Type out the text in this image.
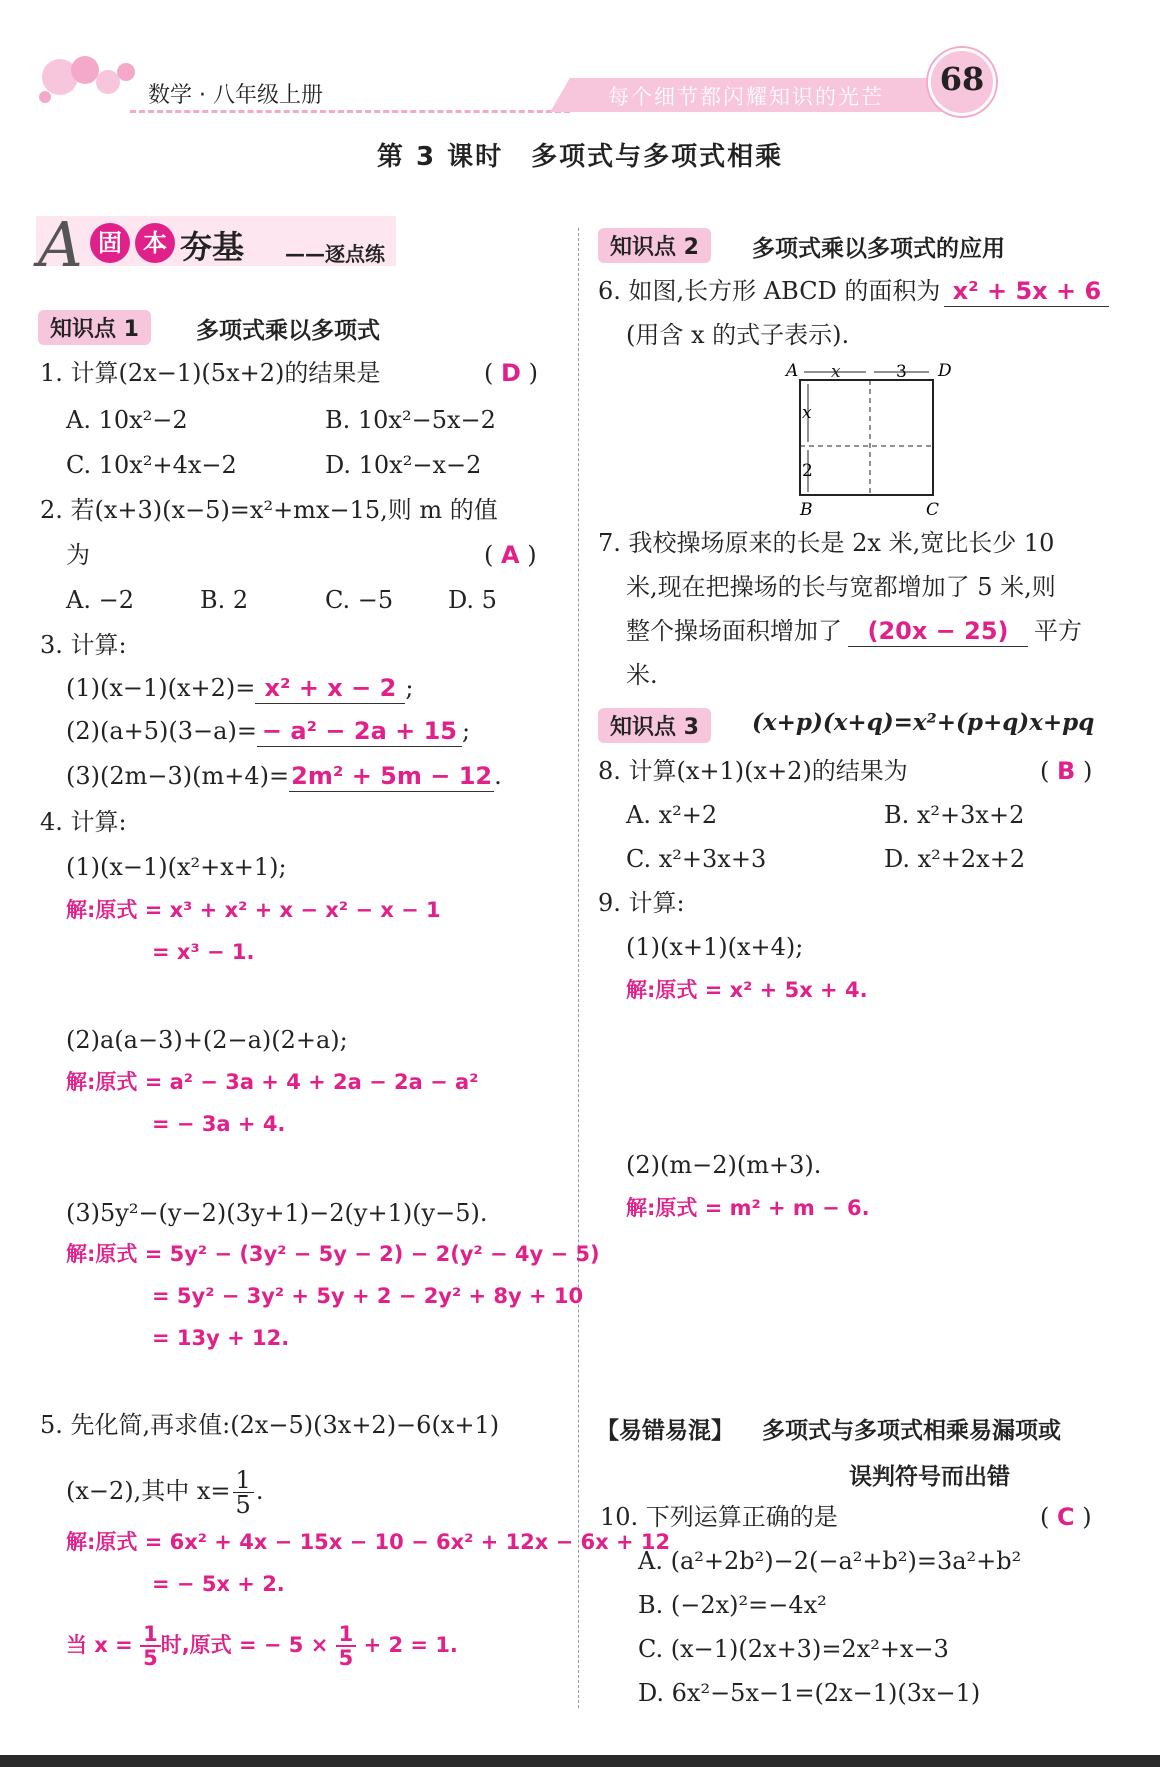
数学 · 八年级上册	每个细节都闪耀知识的光芒	68
第 3 课时　多项式与多项式相乘
A 固 本 夯基 ——逐点练
知识点 1	多项式乘以多项式
1. 计算(2x−1)(5x+2)的结果是	( D )
A. 10x²−2	B. 10x²−5x−2
C. 10x²+4x−2	D. 10x²−x−2
2. 若(x+3)(x−5)=x²+mx−15,则 m 的值
为	( A )
A. −2	B. 2	C. −5 D. 5
3. 计算:
(1)(x−1)(x+2)= x² + x − 2 ;
(2)(a+5)(3−a)= − a² − 2a + 15 ;
(3)(2m−3)(m+4)=2m² + 5m − 12.
4. 计算:
(1)(x−1)(x²+x+1);
解:原式 = x³ + x² + x − x² − x − 1
= x³ − 1.
(2)a(a−3)+(2−a)(2+a);
解:原式 = a² − 3a + 4 + 2a − 2a − a²
= − 3a + 4.
(3)5y²−(y−2)(3y+1)−2(y+1)(y−5).
解:原式 = 5y² − (3y² − 5y − 2) − 2(y² − 4y − 5)
= 5y² − 3y² + 5y + 2 − 2y² + 8y + 10
= 13y + 12.
5. 先化简,再求值:(2x−5)(3x+2)−6(x+1)
(x−2),其中 $x= \frac{1}{5}$ .
解:原式 = 6x² + 4x − 15x − 10 − 6x² + 12x − 6x + 12
= − 5x + 2.
当 $x = \frac{1}{5}$ 时,原式 = − $5 \times \frac{1}{5} + 2 = 1$.
知识点 2	多项式乘以多项式的应用
6. 如图,长方形 ABCD 的面积为 x² + 5x + 6
(用含 x 的式子表示).
A	D
B	C
x	3
x
2
7. 我校操场原来的长是 2x 米,宽比长少 10
米,现在把操场的长与宽都增加了 5 米,则
整个操场面积增加了 (20x − 25) 平方
米.
知识点 3	(x+p)(x+q)=x²+(p+q)x+pq
8. 计算(x+1)(x+2)的结果为	( B )
A. x²+2	B. x²+3x+2
C. x²+3x+3	D. x²+2x+2
9. 计算:
(1)(x+1)(x+4);
解:原式 = x² + 5x + 4.
(2)(m−2)(m+3).
解:原式 = m² + m − 6.
【易错易混】 多项式与多项式相乘易漏项或
误判符号而出错
10. 下列运算正确的是	( C )
A. (a²+2b²)−2(−a²+b²)=3a²+b²
B. (−2x)²=−4x²
C. (x−1)(2x+3)=2x²+x−3
D. 6x²−5x−1=(2x−1)(3x−1)
